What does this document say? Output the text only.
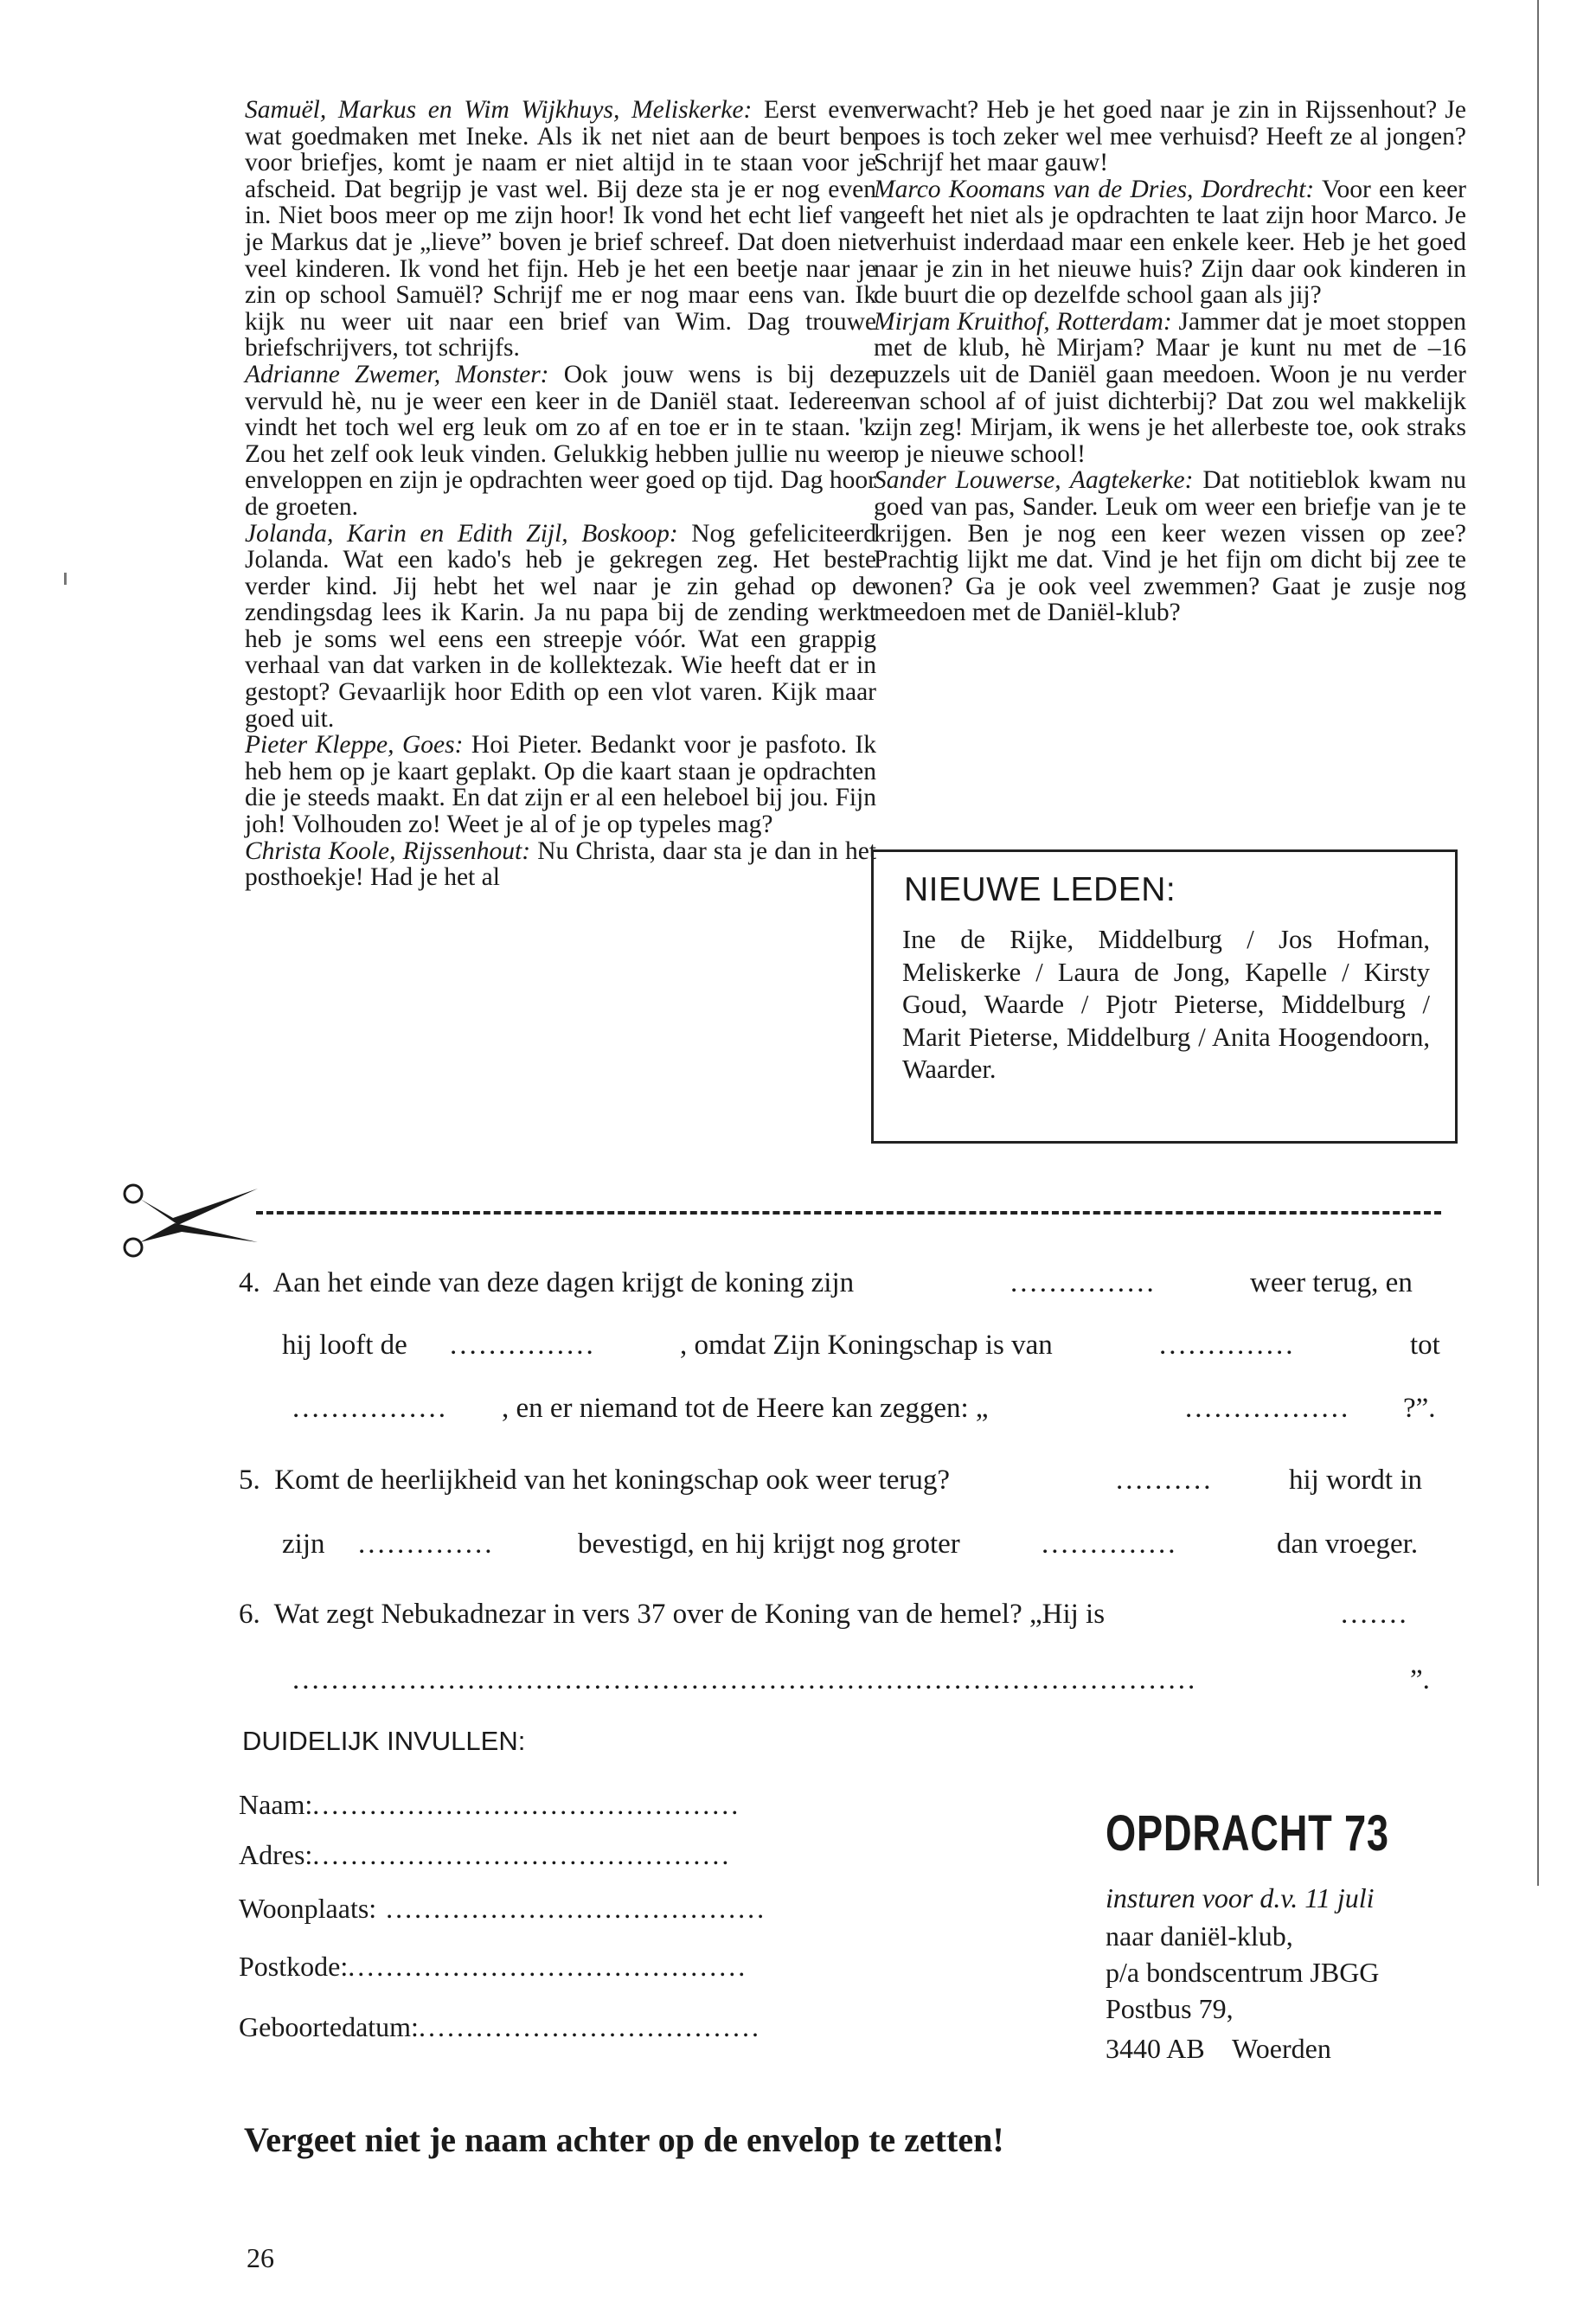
Samuël, Markus en Wim Wijkhuys, Meliskerke: Eerst even wat goedmaken met Ineke. Als ik net niet aan de beurt ben voor briefjes, komt je naam er niet altijd in te staan voor je afscheid. Dat begrijp je vast wel. Bij deze sta je er nog even in. Niet boos meer op me zijn hoor! Ik vond het echt lief van je Markus dat je „lieve” boven je brief schreef. Dat doen niet veel kinderen. Ik vond het fijn. Heb je het een beetje naar je zin op school Samuël? Schrijf me er nog maar eens van. Ik kijk nu weer uit naar een brief van Wim. Dag trouwe briefschrijvers, tot schrijfs.

Adrianne Zwemer, Monster: Ook jouw wens is bij deze vervuld hè, nu je weer een keer in de Daniël staat. Iedereen vindt het toch wel erg leuk om zo af en toe er in te staan. 'k Zou het zelf ook leuk vinden. Gelukkig hebben jullie nu weer enveloppen en zijn je opdrachten weer goed op tijd. Dag hoor de groeten.

Jolanda, Karin en Edith Zijl, Boskoop: Nog gefeliciteerd Jolanda. Wat een kado's heb je gekregen zeg. Het beste verder kind. Jij hebt het wel naar je zin gehad op de zendingsdag lees ik Karin. Ja nu papa bij de zending werkt heb je soms wel eens een streepje vóór. Wat een grappig verhaal van dat varken in de kollektezak. Wie heeft dat er in gestopt? Gevaarlijk hoor Edith op een vlot varen. Kijk maar goed uit.

Pieter Kleppe, Goes: Hoi Pieter. Bedankt voor je pasfoto. Ik heb hem op je kaart geplakt. Op die kaart staan je opdrachten die je steeds maakt. En dat zijn er al een heleboel bij jou. Fijn joh! Volhouden zo! Weet je al of je op typeles mag?

Christa Koole, Rijssenhout: Nu Christa, daar sta je dan in het posthoekje! Had je het al

verwacht? Heb je het goed naar je zin in Rijssenhout? Je poes is toch zeker wel mee verhuisd? Heeft ze al jongen? Schrijf het maar gauw!

Marco Koomans van de Dries, Dordrecht: Voor een keer geeft het niet als je opdrachten te laat zijn hoor Marco. Je verhuist inderdaad maar een enkele keer. Heb je het goed naar je zin in het nieuwe huis? Zijn daar ook kinderen in de buurt die op dezelfde school gaan als jij?

Mirjam Kruithof, Rotterdam: Jammer dat je moet stoppen met de klub, hè Mirjam? Maar je kunt nu met de –16 puzzels uit de Daniël gaan meedoen. Woon je nu verder van school af of juist dichterbij? Dat zou wel makkelijk zijn zeg! Mirjam, ik wens je het allerbeste toe, ook straks op je nieuwe school!

Sander Louwerse, Aagtekerke: Dat notitieblok kwam nu goed van pas, Sander. Leuk om weer een briefje van je te krijgen. Ben je nog een keer wezen vissen op zee? Prachtig lijkt me dat. Vind je het fijn om dicht bij zee te wonen? Ga je ook veel zwemmen? Gaat je zusje nog meedoen met de Daniël-klub?

NIEUWE LEDEN:
Ine de Rijke, Middelburg / Jos Hofman, Meliskerke / Laura de Jong, Kapelle / Kirsty Goud, Waarde / Pjotr Pieterse, Middelburg / Marit Pieterse, Middelburg / Anita Hoogendoorn, Waarder.
4. Aan het einde van deze dagen krijgt de koning zijn	...............	weer terug, en
hij looft de ...............	, omdat Zijn Koningschap is van	..............	tot
................ , en er niemand tot de Heere kan zeggen: „	................. ?”.
5. Komt de heerlijkheid van het koningschap ook weer terug?	..........	hij wordt in
zijn ..............	bevestigd, en hij krijgt nog groter	..............	dan vroeger.
6. Wat zegt Nebukadnezar in vers 37 over de Koning van de hemel? „Hij is	.......
.............................................................................................	”.
DUIDELIJK INVULLEN:
Naam:.............................................
Adres:............................................
Woonplaats: ........................................
Postkode:..........................................
Geboortedatum:....................................
OPDRACHT 73
insturen voor d.v. 11 juli
naar daniël-klub,
p/a bondscentrum JBGG
Postbus 79,
3440 AB    Woerden
Vergeet niet je naam achter op de envelop te zetten!
26
